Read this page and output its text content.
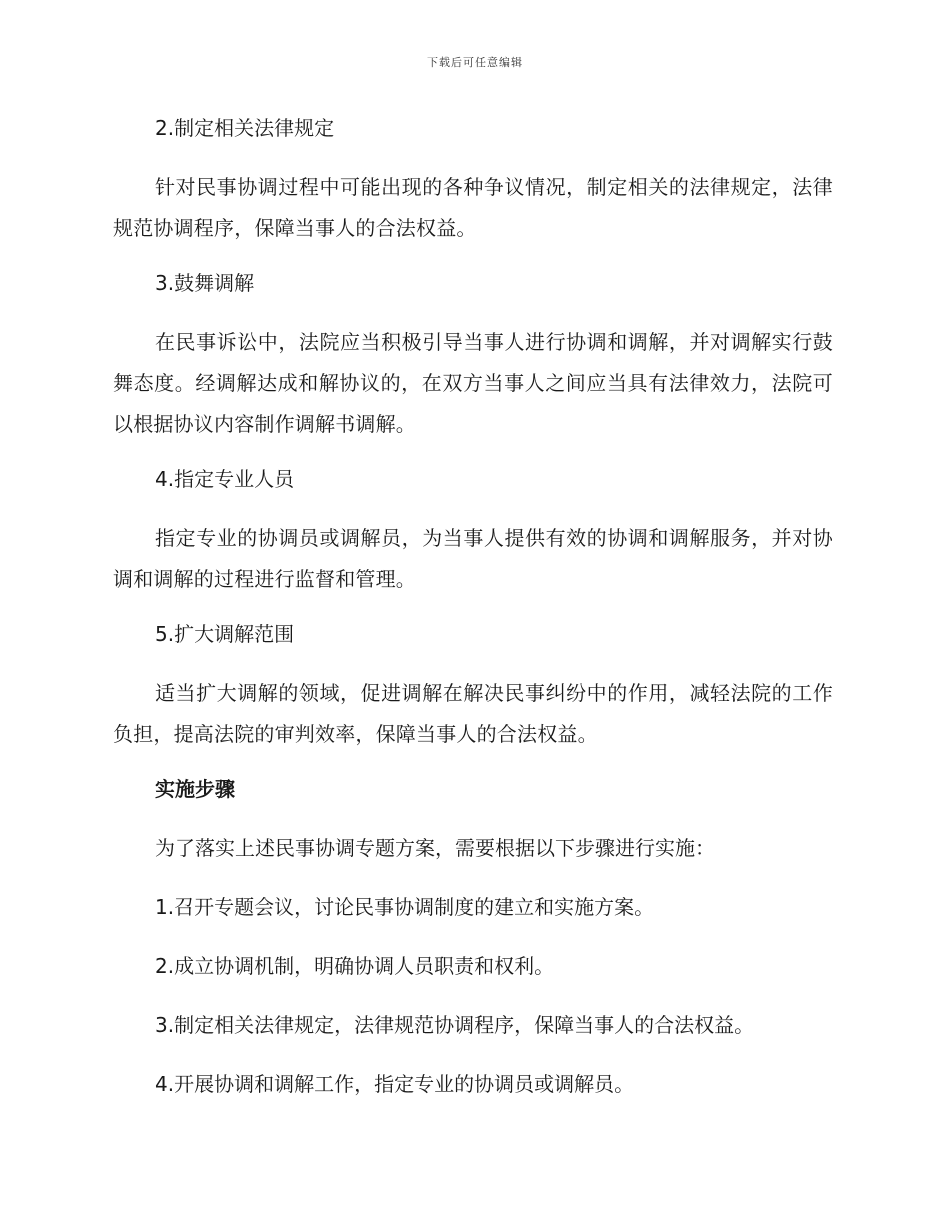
下载后可任意编辑
2.制定相关法律规定
针对民事协调过程中可能出现的各种争议情况，制定相关的法律规定，法律规范协调程序，保障当事人的合法权益。
3.鼓舞调解
在民事诉讼中，法院应当积极引导当事人进行协调和调解，并对调解实行鼓舞态度。经调解达成和解协议的，在双方当事人之间应当具有法律效力，法院可以根据协议内容制作调解书调解。
4.指定专业人员
指定专业的协调员或调解员，为当事人提供有效的协调和调解服务，并对协调和调解的过程进行监督和管理。
5.扩大调解范围
适当扩大调解的领域，促进调解在解决民事纠纷中的作用，减轻法院的工作负担，提高法院的审判效率，保障当事人的合法权益。
实施步骤
为了落实上述民事协调专题方案，需要根据以下步骤进行实施：
1.召开专题会议，讨论民事协调制度的建立和实施方案。
2.成立协调机制，明确协调人员职责和权利。
3.制定相关法律规定，法律规范协调程序，保障当事人的合法权益。
4.开展协调和调解工作，指定专业的协调员或调解员。
